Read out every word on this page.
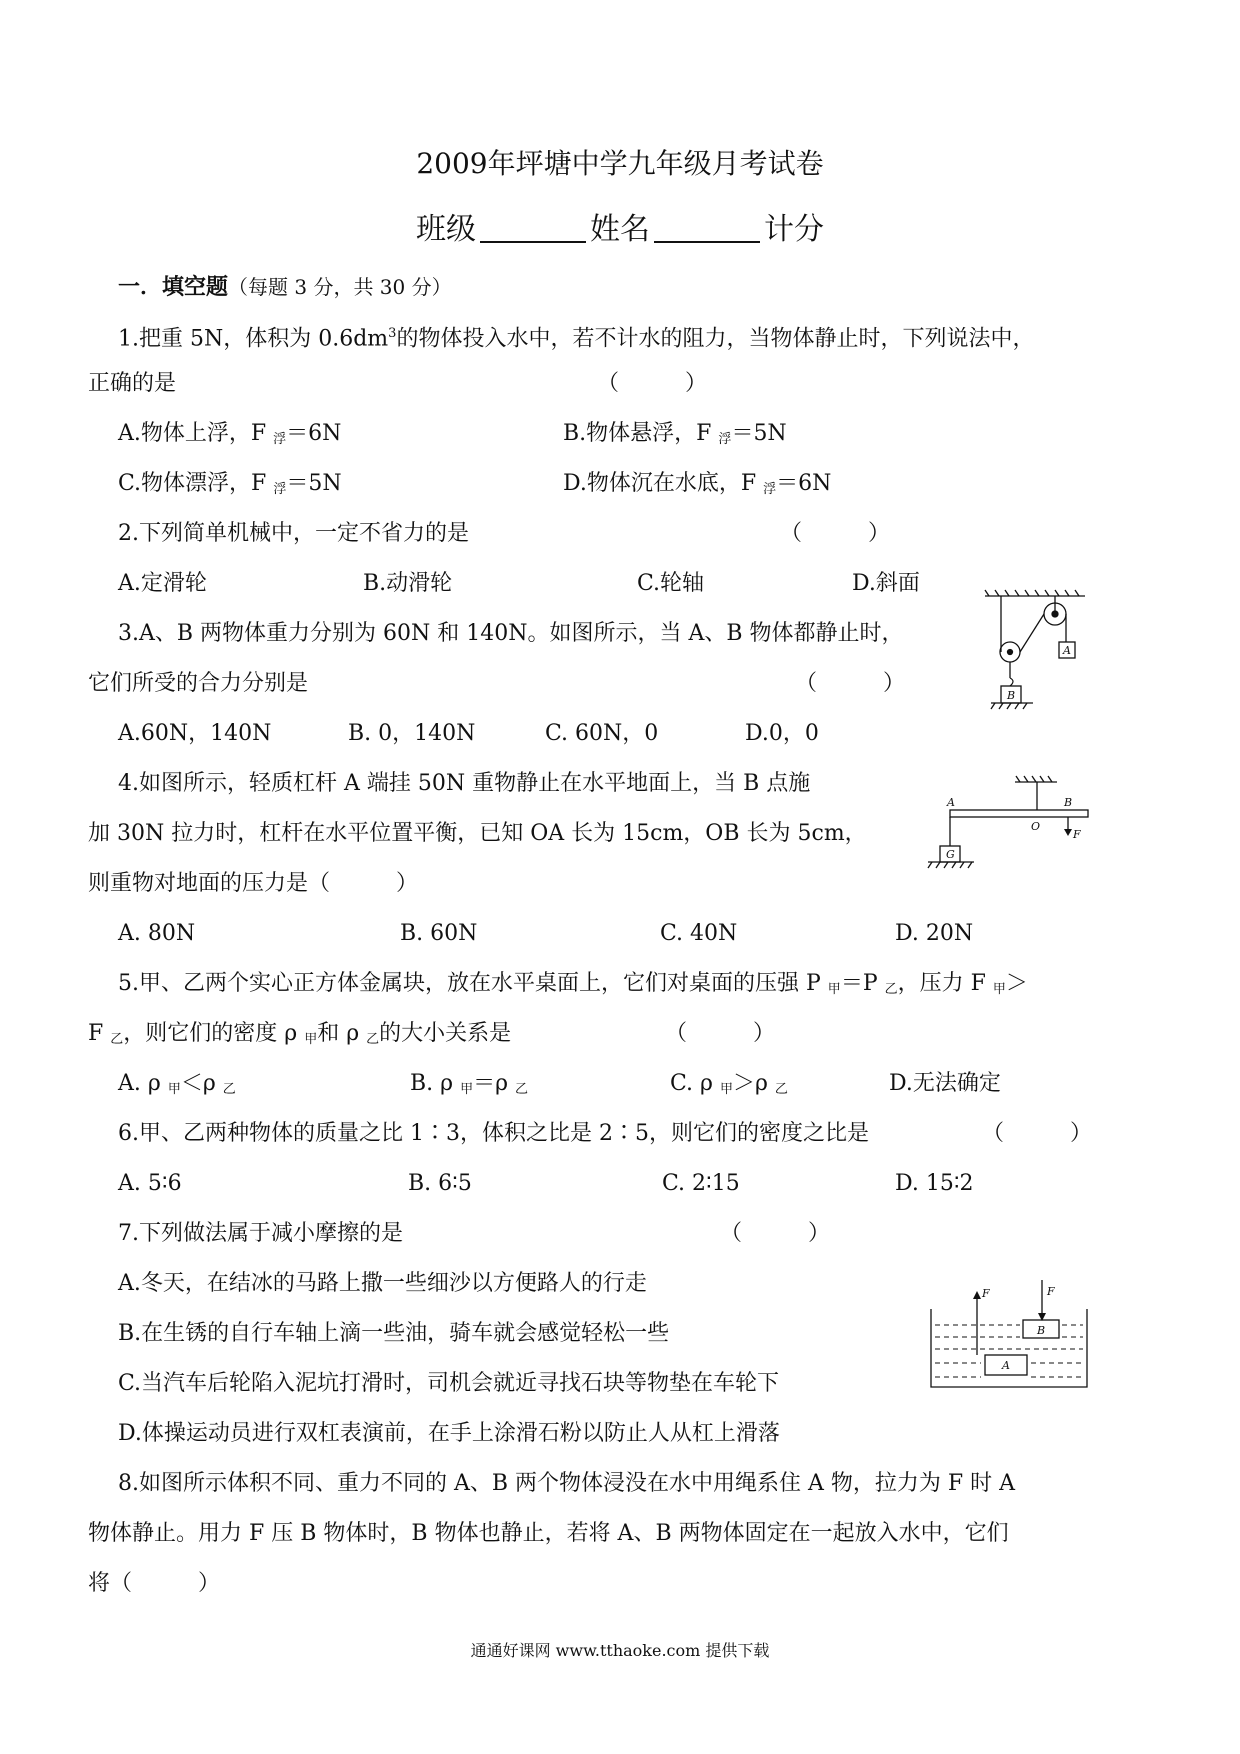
2009年坪塘中学九年级月考试卷
班级	姓名	计分
一．填空题（每题 3 分，共 30 分）
1.把重 5N，体积为 $0.6dm^3$的物体投入水中，若不计水的阻力，当物体静止时，下列说法中，
正确的是	（　　　）
A.物体上浮，F $_浮$＝6N	B.物体悬浮，F $_浮$＝5N
C.物体漂浮，F $_浮$＝5N	D.物体沉在水底，F $_浮$＝6N
2.下列简单机械中，一定不省力的是	（　　　）
A.定滑轮	B.动滑轮	C.轮轴	D.斜面
3.A、B 两物体重力分别为 60N 和 140N。如图所示，当 A、B 物体都静止时，
它们所受的合力分别是	（　　　）
A.60N，140N	B. 0，140N	C. 60N，0	D.0，0
A
B
4.如图所示，轻质杠杆 A 端挂 50N 重物静止在水平地面上，当 B 点施
加 30N 拉力时，杠杆在水平位置平衡，已知 OA 长为 15cm，OB 长为 5cm，
则重物对地面的压力是（　　　）
A. 80N	B. 60N	C. 40N	D. 20N
A	B
O
F
G
5.甲、乙两个实心正方体金属块，放在水平桌面上，它们对桌面的压强 P $_甲$＝P $_乙$，压力 F $_甲$＞
F $_乙$，则它们的密度 ρ $_甲$和 ρ $_乙$的大小关系是	（　　　）
A. ρ $_甲$＜ρ $_乙$	B. ρ $_甲$＝ρ $_乙$	C. ρ $_甲$＞ρ $_乙$	D.无法确定
6.甲、乙两种物体的质量之比 1∶3，体积之比是 2∶5，则它们的密度之比是	（　　　）
A. 5∶6	B. 6∶5	C. 2∶15	D. 15∶2
7.下列做法属于减小摩擦的是	（　　　）
A.冬天，在结冰的马路上撒一些细沙以方便路人的行走
B.在生锈的自行车轴上滴一些油，骑车就会感觉轻松一些
C.当汽车后轮陷入泥坑打滑时，司机会就近寻找石块等物垫在车轮下
D.体操运动员进行双杠表演前，在手上涂滑石粉以防止人从杠上滑落
A
B
F	F
8.如图所示体积不同、重力不同的 A、B 两个物体浸没在水中用绳系住 A 物，拉力为 F 时 A
物体静止。用力 F 压 B 物体时，B 物体也静止，若将 A、B 两物体固定在一起放入水中，它们
将（　　　）
通通好课网 www.tthaoke.com 提供下载
